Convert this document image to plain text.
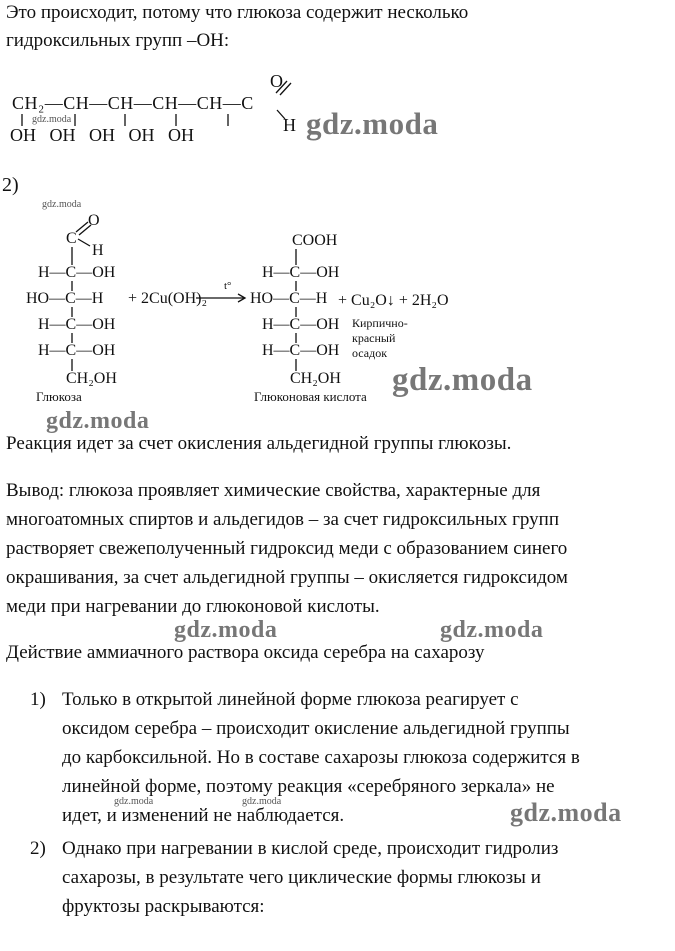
Это происходит, потому что глюкоза содержит несколько
гидроксильных групп –ОН:
CH₂—CH—CH—CH—CH—C
O
H
OH   OH   OH   OH   OH
2)
O
C
H
H—C—OH
HO—C—H
H—C—OH
H—C—OH
CH₂OH
Глюкоза
+ 2Cu(OH)₂
t°
COOH
H—C—OH
HO—C—H
H—C—OH
H—C—OH
CH₂OH
Глюконовая кислота
+ Cu₂O↓ + 2H₂O
Кирпично-
красный
осадок
Реакция идет за счет окисления альдегидной группы глюкозы.
Вывод: глюкоза проявляет химические свойства, характерные для
многоатомных спиртов и альдегидов – за счет гидроксильных групп
растворяет свежеполученный гидроксид меди с образованием синего
окрашивания, за счет альдегидной группы – окисляется гидроксидом
меди при нагревании до глюконовой кислоты.
Действие аммиачного раствора оксида серебра на сахарозу
1) Только в открытой линейной форме глюкоза реагирует с
оксидом серебра – происходит окисление альдегидной группы
до карбоксильной. Но в составе сахарозы глюкоза содержится в
линейной форме, поэтому реакция «серебряного зеркала» не
идет, и изменений не наблюдается.
2) Однако при нагревании в кислой среде, происходит гидролиз
сахарозы, в результате чего циклические формы глюкозы и
фруктозы раскрываются:
gdz.moda	gdz.moda
gdz.moda
gdz.moda
gdz.moda
gdz.moda	gdz.moda
gdz.moda	gdz.moda	gdz.moda
